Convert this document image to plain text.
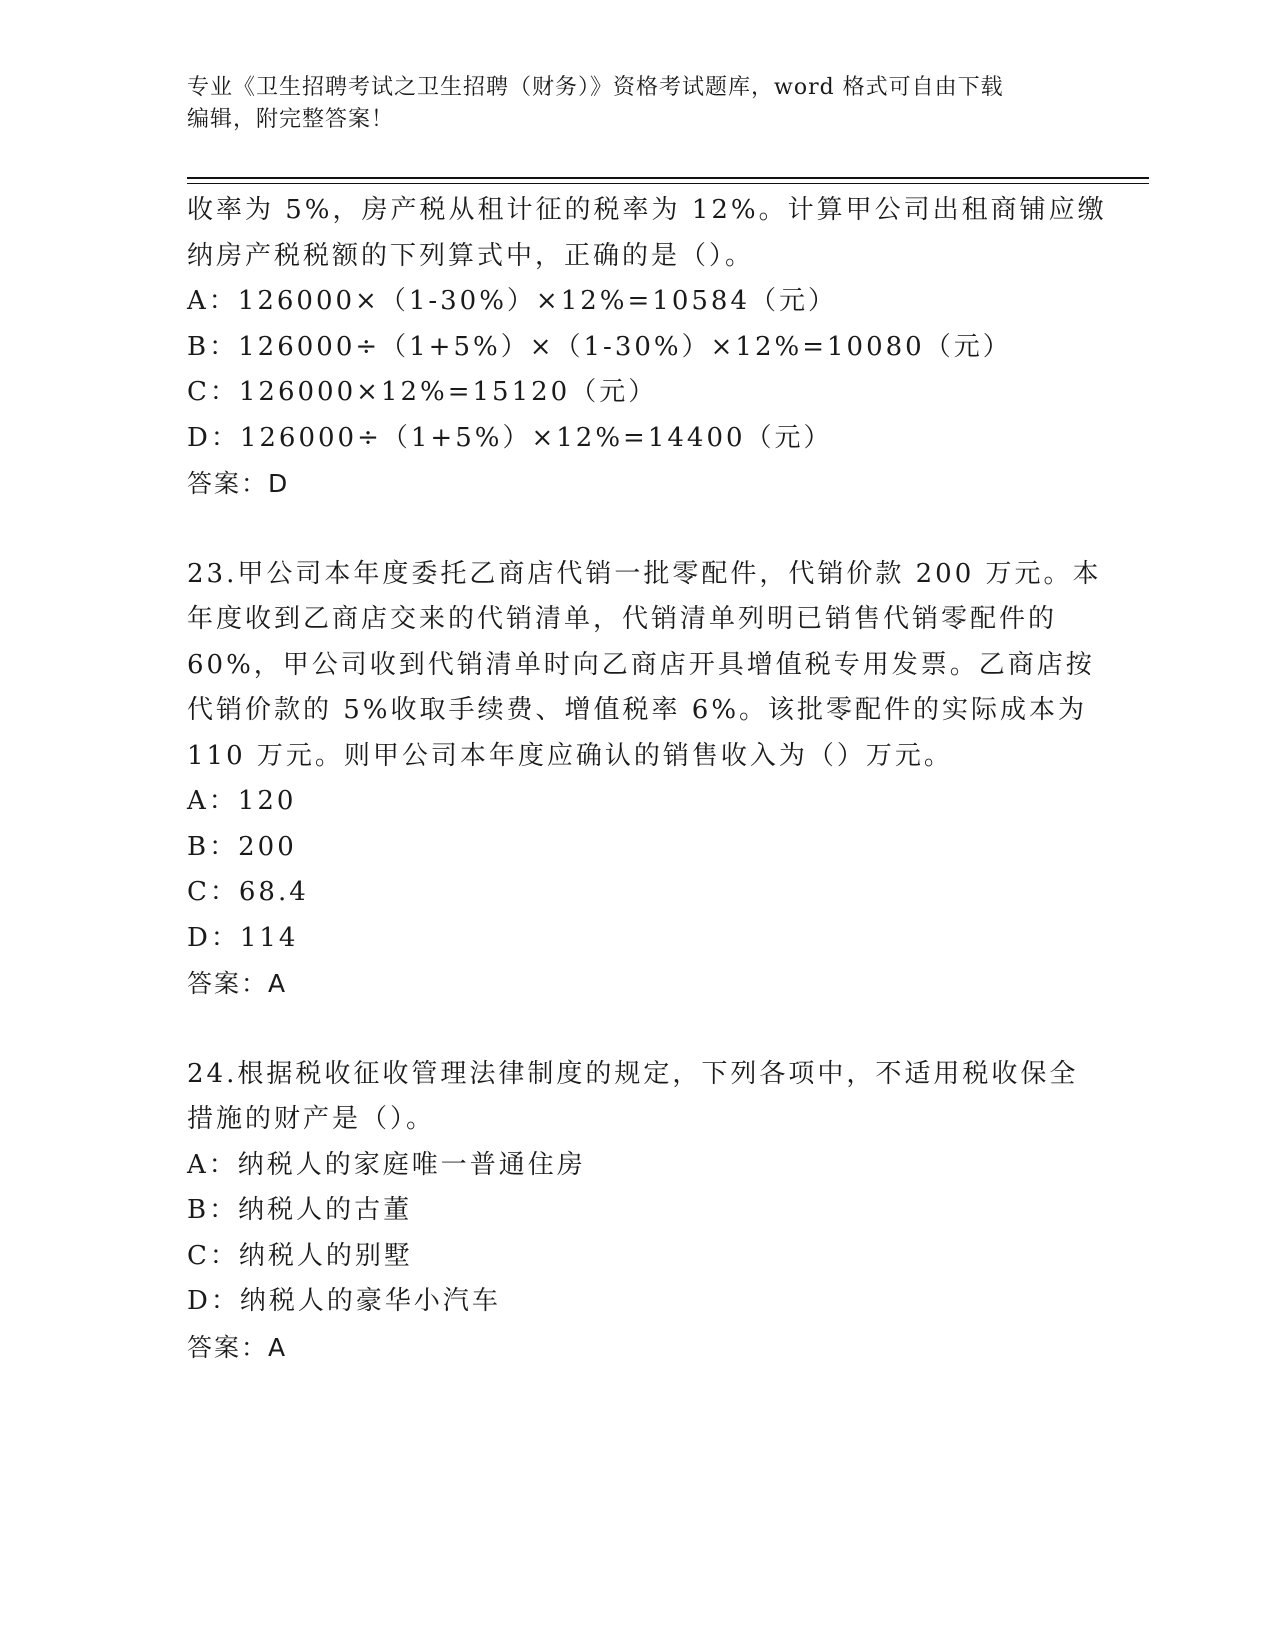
专业《卫生招聘考试之卫生招聘（财务）》资格考试题库，word 格式可自由下载
编辑，附完整答案！
收率为 5%，房产税从租计征的税率为 12%。计算甲公司出租商铺应缴
纳房产税税额的下列算式中，正确的是（）。
A：126000×（1-30%）×12%=10584（元）
B：126000÷（1+5%）×（1-30%）×12%=10080（元）
C：126000×12%=15120（元）
D：126000÷（1+5%）×12%=14400（元）
答案：D
23.甲公司本年度委托乙商店代销一批零配件，代销价款 200 万元。本
年度收到乙商店交来的代销清单，代销清单列明已销售代销零配件的
60%，甲公司收到代销清单时向乙商店开具增值税专用发票。乙商店按
代销价款的 5%收取手续费、增值税率 6%。该批零配件的实际成本为
110 万元。则甲公司本年度应确认的销售收入为（）万元。
A：120
B：200
C：68.4
D：114
答案：A
24.根据税收征收管理法律制度的规定，下列各项中，不适用税收保全
措施的财产是（）。
A：纳税人的家庭唯一普通住房
B：纳税人的古董
C：纳税人的别墅
D：纳税人的豪华小汽车
答案：A
